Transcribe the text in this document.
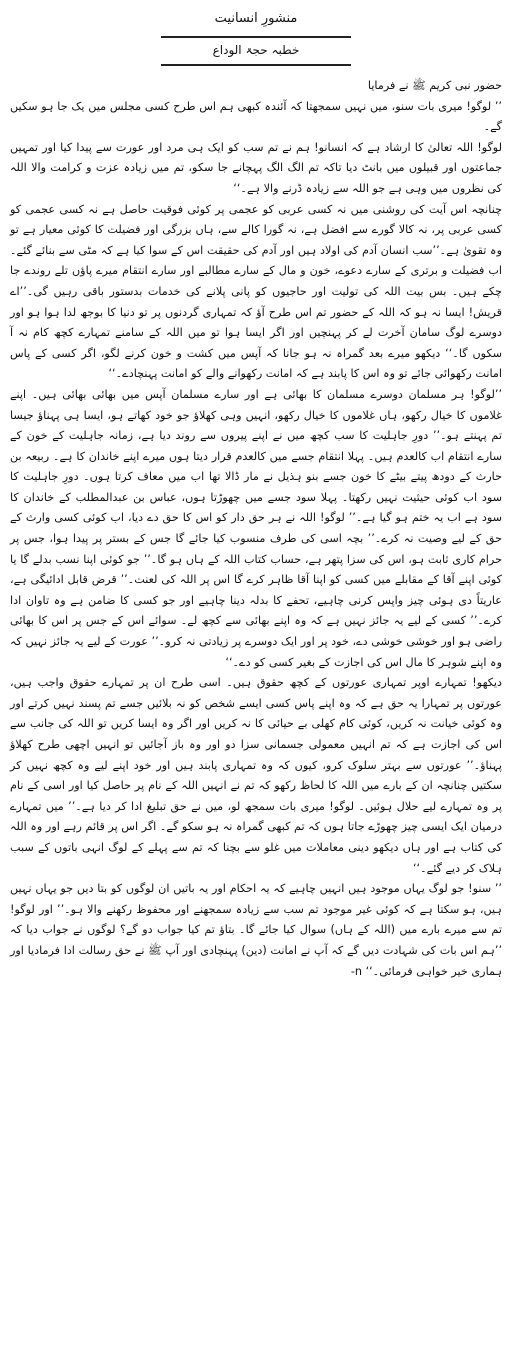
منشورِ انسانیت
خطبہ حجۃ الوداع

حضور نبی کریم ﷺ نے فرمایا

’’ لوگو! میری بات سنو، میں نہیں سمجھتا کہ آئندہ کبھی ہم اس طرح کسی مجلس میں یک جا ہو سکیں گے۔

لوگو! اللہ تعالیٰ کا ارشاد ہے کہ انسانو! ہم نے تم سب کو ایک ہی مرد اور عورت سے پیدا کیا اور تمہیں جماعتوں اور قبیلوں میں بانٹ دیا تاکہ تم الگ الگ پہچانے جا سکو، تم میں زیادہ عزت و کرامت والا اللہ کی نظروں میں وہی ہے جو اللہ سے زیادہ ڈرنے والا ہے۔‘‘

چنانچہ اس آیت کی روشنی میں نہ کسی عربی کو عجمی پر کوئی فوقیت حاصل ہے نہ کسی عجمی کو کسی عربی پر، نہ کالا گورے سے افضل ہے، نہ گورا کالے سے، ہاں بزرگی اور فضیلت کا کوئی معیار ہے تو وہ تقویٰ ہے۔’’سب انسان آدم کی اولاد ہیں اور آدم کی حقیقت اس کے سوا کیا ہے کہ مٹی سے بنائے گئے۔ اب فضیلت و برتری کے سارے دعوے، خون و مال کے سارے مطالبے اور سارے انتقام میرے پاؤں تلے روندے جا چکے ہیں۔ بس بیت اللہ کی تولیت اور حاجیوں کو پانی پلانے کی خدمات بدستور باقی رہیں گی۔’’اے قریش! ایسا نہ ہو کہ اللہ کے حضور تم اس طرح آؤ کہ تمہاری گردنوں پر تو دنیا کا بوجھ لدا ہوا ہو اور دوسرے لوگ سامان آخرت لے کر پہنچیں اور اگر ایسا ہوا تو میں اللہ کے سامنے تمہارے کچھ کام نہ آ سکوں گا۔‘‘ دیکھو میرے بعد گمراہ نہ ہو جانا کہ آپس میں کشت و خون کرنے لگو، اگر کسی کے پاس امانت رکھوائی جائے تو وہ اس کا پابند ہے کہ امانت رکھوانے والے کو امانت پہنچادے۔‘‘

’’لوگو! ہر مسلمان دوسرے مسلمان کا بھائی ہے اور سارے مسلمان آپس میں بھائی بھائی ہیں۔ اپنے غلاموں کا خیال رکھو، ہاں غلاموں کا خیال رکھو، انہیں وہی کھلاؤ جو خود کھاتے ہو، ایسا ہی پہناؤ جیسا تم پہنتے ہو۔’’ دورِ جاہلیت کا سب کچھ میں نے اپنے پیروں سے روند دیا ہے، زمانہ جاہلیت کے خون کے سارے انتقام اب کالعدم ہیں۔ پہلا انتقام جسے میں کالعدم قرار دیتا ہوں میرے اپنے خاندان کا ہے۔ ربیعہ بن حارث کے دودھ پیتے بیٹے کا خون جسے بنو ہذیل نے مار ڈالا تھا اب میں معاف کرتا ہوں۔ دورِ جاہلیت کا سود اب کوئی حیثیت نہیں رکھتا۔ پہلا سود جسے میں چھوڑتا ہوں، عباس بن عبدالمطلب کے خاندان کا سود ہے اب یہ ختم ہو گیا ہے۔’’ لوگو! اللہ نے ہر حق دار کو اس کا حق دے دیا، اب کوئی کسی وارث کے حق کے لیے وصیت نہ کرے۔’’ بچہ اسی کی طرف منسوب کیا جائے گا جس کے بستر پر پیدا ہوا، جس پر حرام کاری ثابت ہو، اس کی سزا پتھر ہے، حساب کتاب اللہ کے ہاں ہو گا۔’’ جو کوئی اپنا نسب بدلے گا یا کوئی اپنے آقا کے مقابلے میں کسی کو اپنا آقا ظاہر کرے گا اس پر اللہ کی لعنت۔’’ قرض قابل ادائیگی ہے، عاریتاً دی ہوئی چیز واپس کرنی چاہیے، تحفے کا بدلہ دینا چاہیے اور جو کسی کا ضامن ہے وہ تاوان ادا کرے۔’’ کسی کے لیے یہ جائز نہیں ہے کہ وہ اپنے بھائی سے کچھ لے۔ سوائے اس کے جس پر اس کا بھائی راضی ہو اور خوشی خوشی دے، خود پر اور ایک دوسرے پر زیادتی نہ کرو۔’’ عورت کے لیے یہ جائز نہیں کہ وہ اپنے شوہر کا مال اس کی اجازت کے بغیر کسی کو دے۔‘‘

دیکھو! تمہارے اوپر تمہاری عورتوں کے کچھ حقوق ہیں۔ اسی طرح ان پر تمہارے حقوق واجب ہیں، عورتوں پر تمہارا یہ حق ہے کہ وہ اپنے پاس کسی ایسے شخص کو نہ بلائیں جسے تم پسند نہیں کرتے اور وہ کوئی خیانت نہ کریں، کوئی کام کھلی بے حیائی کا نہ کریں اور اگر وہ ایسا کریں تو اللہ کی جانب سے اس کی اجازت ہے کہ تم انہیں معمولی جسمانی سزا دو اور وہ باز آجائیں تو انہیں اچھی طرح کھلاؤ پہناؤ۔’’ عورتوں سے بہتر سلوک کرو، کیوں کہ وہ تمہاری پابند ہیں اور خود اپنے لیے وہ کچھ نہیں کر سکتیں چنانچہ ان کے بارے میں اللہ کا لحاظ رکھو کہ تم نے انہیں اللہ کے نام پر حاصل کیا اور اسی کے نام پر وہ تمہارے لیے حلال ہوئیں۔ لوگو! میری بات سمجھ لو، میں نے حق تبلیغ ادا کر دیا ہے۔’’ میں تمہارے درمیان ایک ایسی چیز چھوڑے جاتا ہوں کہ تم کبھی گمراہ نہ ہو سکو گے۔ اگر اس پر قائم رہے اور وہ اللہ کی کتاب ہے اور ہاں دیکھو دینی معاملات میں غلو سے بچنا کہ تم سے پہلے کے لوگ انہی باتوں کے سبب ہلاک کر دیے گئے۔‘‘

’’ سنو! جو لوگ یہاں موجود ہیں انہیں چاہیے کہ یہ احکام اور یہ باتیں ان لوگوں کو بتا دیں جو یہاں نہیں ہیں، ہو سکتا ہے کہ کوئی غیر موجود تم سب سے زیادہ سمجھنے اور محفوظ رکھنے والا ہو۔’’ اور لوگو! تم سے میرے بارے میں (اللہ کے ہاں) سوال کیا جائے گا۔ بتاؤ تم کیا جواب دو گے؟ لوگوں نے جواب دیا کہ ’’ہم اس بات کی شہادت دیں گے کہ آپ نے امانت (دین) پہنچادی اور آپ ﷺ نے حق رسالت ادا فرمادیا اور ہماری خیر خواہی فرمائی۔‘‘ n-
